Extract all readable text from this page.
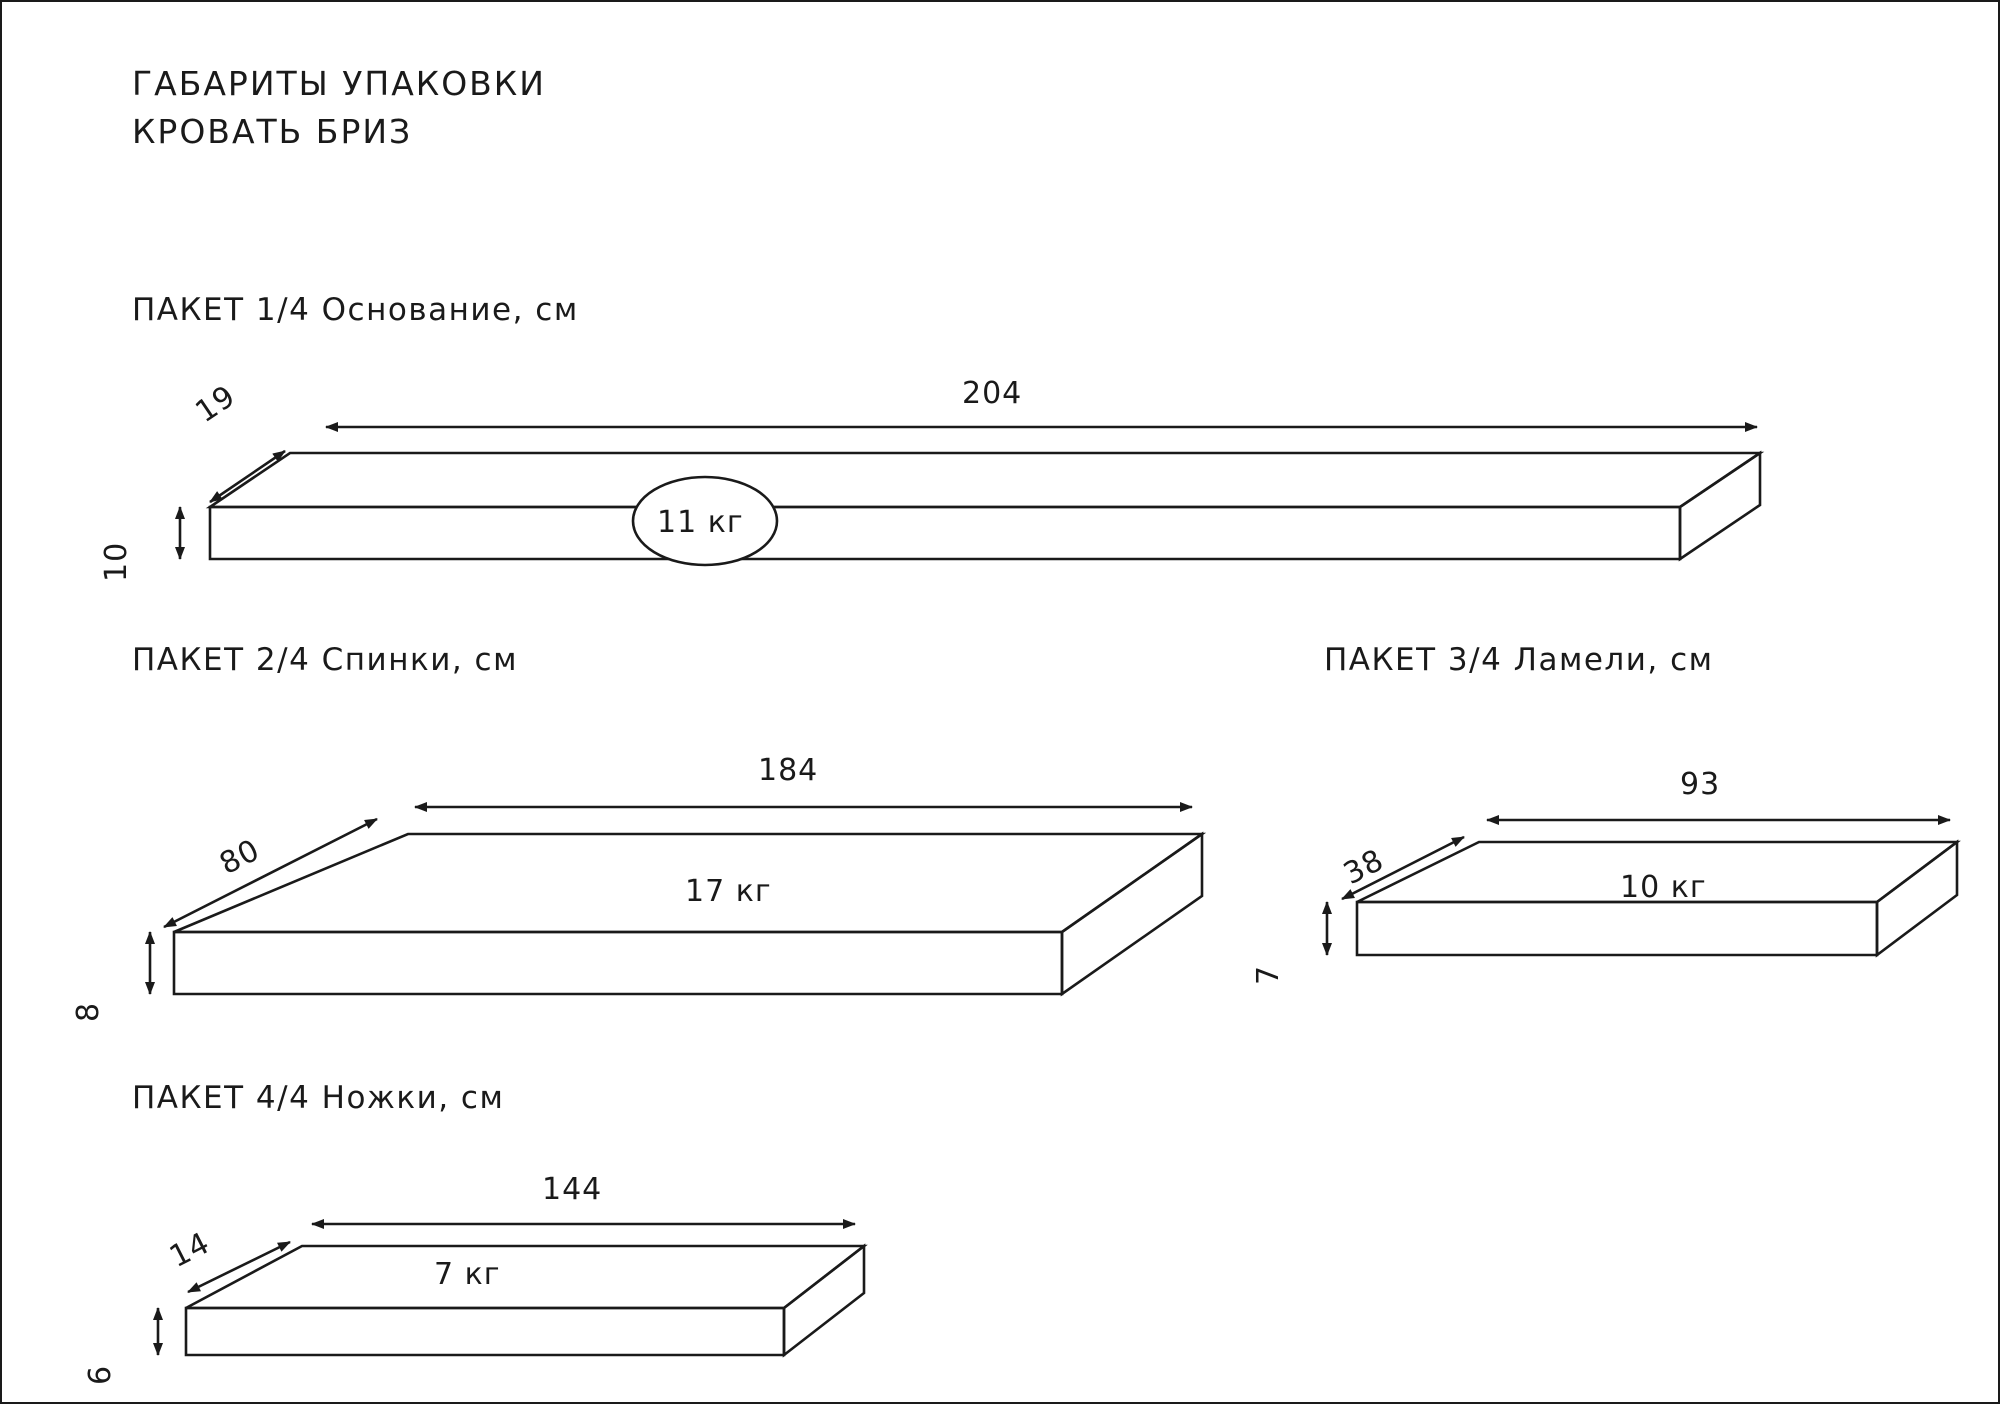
ГАБАРИТЫ УПАКОВКИ
КРОВАТЬ БРИЗ
ПАКЕТ 1/4 Основание, см
ПАКЕТ 2/4 Спинки, см	ПАКЕТ 3/4 Ламели, см
ПАКЕТ 4/4 Ножки, см
204
19
10
11 кг
184
80
8
17 кг
93
38
7
10 кг
144
14
6
7 кг
